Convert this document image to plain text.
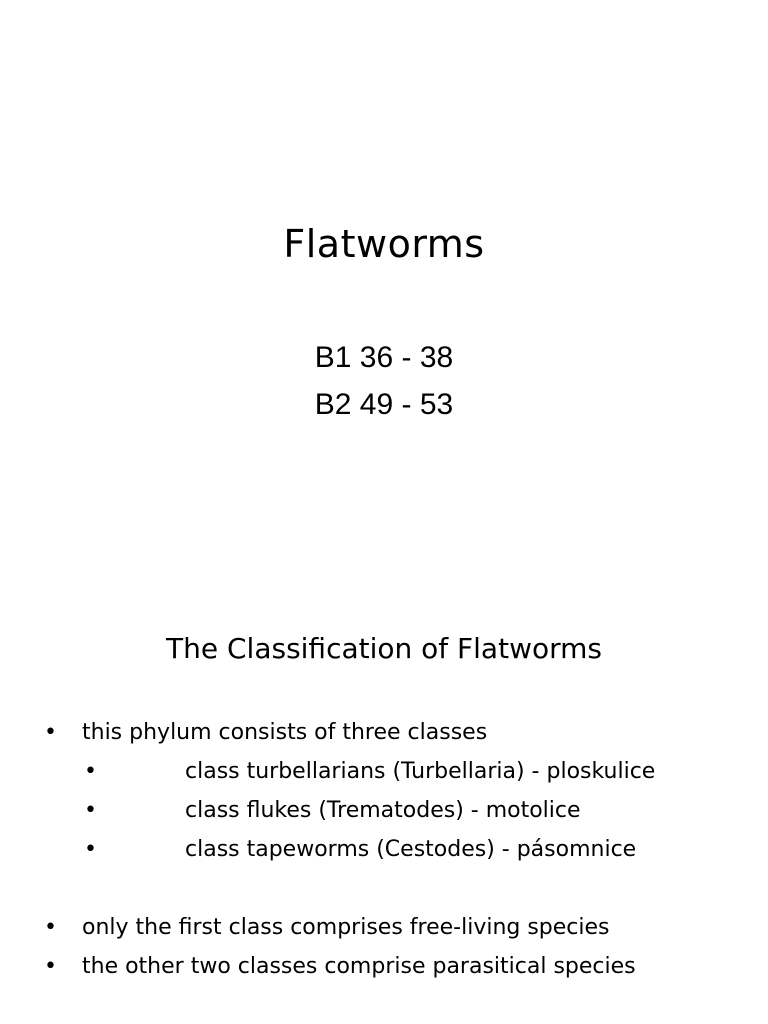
Flatworms
B1 36 - 38
B2 49 - 53
The Classification of Flatworms
• this phylum consists of three classes
•	class turbellarians (Turbellaria) - ploskulice
•	class flukes (Trematodes) - motolice
•	class tapeworms (Cestodes) - pásomnice
• only the first class comprises free-living species
• the other two classes comprise parasitical species
